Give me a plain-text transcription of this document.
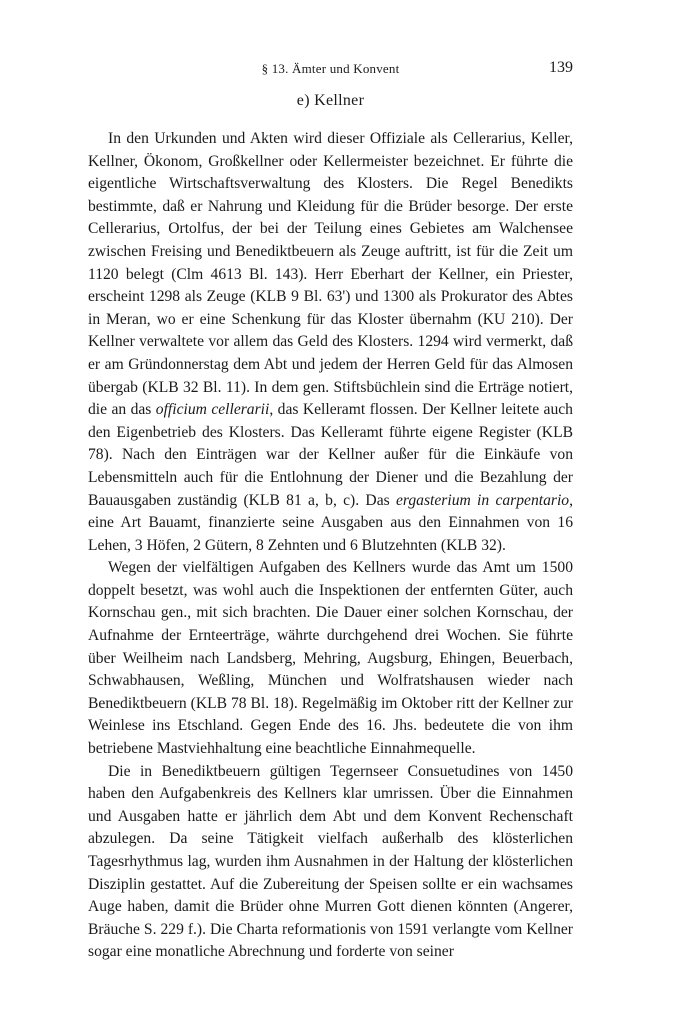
§ 13. Ämter und Konvent	139
e) Kellner

In den Urkunden und Akten wird dieser Offiziale als Cellerarius, Keller, Kellner, Ökonom, Großkellner oder Kellermeister bezeichnet. Er führte die eigentliche Wirtschaftsverwaltung des Klosters. Die Regel Benedikts bestimmte, daß er Nahrung und Kleidung für die Brüder besorge. Der erste Cellerarius, Ortolfus, der bei der Teilung eines Gebietes am Walchensee zwischen Freising und Benediktbeuern als Zeuge auftritt, ist für die Zeit um 1120 belegt (Clm 4613 Bl. 143). Herr Eberhart der Kellner, ein Priester, erscheint 1298 als Zeuge (KLB 9 Bl. 63') und 1300 als Prokurator des Abtes in Meran, wo er eine Schenkung für das Kloster übernahm (KU 210). Der Kellner verwaltete vor allem das Geld des Klosters. 1294 wird vermerkt, daß er am Gründonnerstag dem Abt und jedem der Herren Geld für das Almosen übergab (KLB 32 Bl. 11). In dem gen. Stiftsbüchlein sind die Erträge notiert, die an das officium cellerarii, das Kelleramt flossen. Der Kellner leitete auch den Eigenbetrieb des Klosters. Das Kelleramt führte eigene Register (KLB 78). Nach den Einträgen war der Kellner außer für die Einkäufe von Lebensmitteln auch für die Entlohnung der Diener und die Bezahlung der Bauausgaben zuständig (KLB 81 a, b, c). Das ergasterium in carpentario, eine Art Bauamt, finanzierte seine Ausgaben aus den Einnahmen von 16 Lehen, 3 Höfen, 2 Gütern, 8 Zehnten und 6 Blutzehnten (KLB 32).

Wegen der vielfältigen Aufgaben des Kellners wurde das Amt um 1500 doppelt besetzt, was wohl auch die Inspektionen der entfernten Güter, auch Kornschau gen., mit sich brachten. Die Dauer einer solchen Kornschau, der Aufnahme der Ernteerträge, währte durchgehend drei Wochen. Sie führte über Weilheim nach Landsberg, Mehring, Augsburg, Ehingen, Beuerbach, Schwabhausen, Weßling, München und Wolfratshausen wieder nach Benediktbeuern (KLB 78 Bl. 18). Regelmäßig im Oktober ritt der Kellner zur Weinlese ins Etschland. Gegen Ende des 16. Jhs. bedeutete die von ihm betriebene Mastviehhaltung eine beachtliche Einnahmequelle.

Die in Benediktbeuern gültigen Tegernseer Consuetudines von 1450 haben den Aufgabenkreis des Kellners klar umrissen. Über die Einnahmen und Ausgaben hatte er jährlich dem Abt und dem Konvent Rechenschaft abzulegen. Da seine Tätigkeit vielfach außerhalb des klösterlichen Tagesrhythmus lag, wurden ihm Ausnahmen in der Haltung der klösterlichen Disziplin gestattet. Auf die Zubereitung der Speisen sollte er ein wachsames Auge haben, damit die Brüder ohne Murren Gott dienen könnten (Angerer, Bräuche S. 229 f.). Die Charta reformationis von 1591 verlangte vom Kellner sogar eine monatliche Abrechnung und forderte von seiner
